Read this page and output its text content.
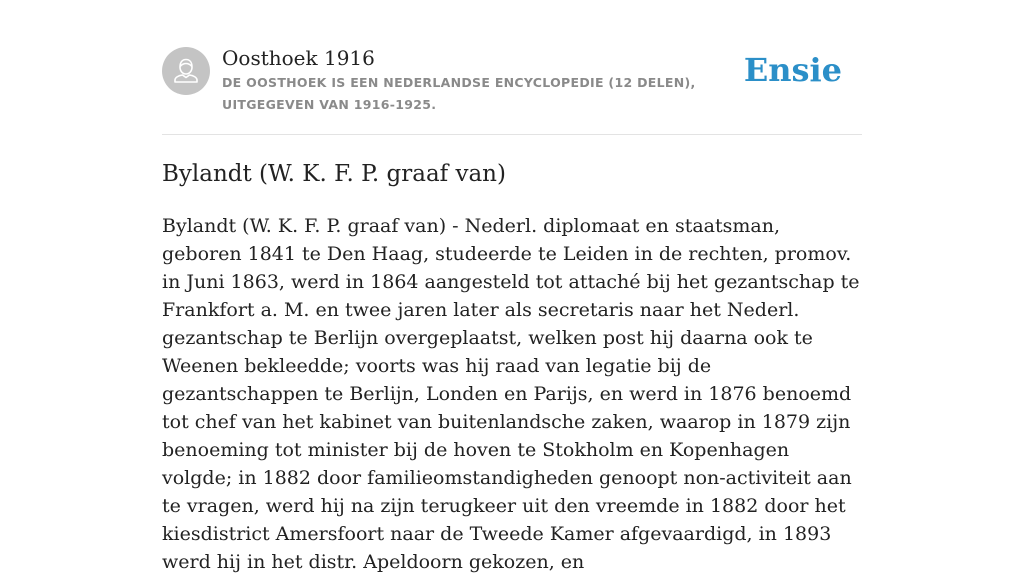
Oosthoek 1916
DE OOSTHOEK IS EEN NEDERLANDSE ENCYCLOPEDIE (12 DELEN), UITGEGEVEN VAN 1916-1925.
Ensie
Bylandt (W. K. F. P. graaf van)

Bylandt (W. K. F. P. graaf van) - Nederl. diplomaat en staatsman, geboren 1841 te Den Haag, studeerde te Leiden in de rechten, promov. in Juni 1863, werd in 1864 aangesteld tot attaché bij het gezantschap te Frankfort a. M. en twee jaren later als secretaris naar het Nederl. gezantschap te Berlijn overgeplaatst, welken post hij daarna ook te Weenen bekleedde; voorts was hij raad van legatie bij de gezantschappen te Berlijn, Londen en Parijs, en werd in 1876 benoemd tot chef van het kabinet van buitenlandsche zaken, waarop in 1879 zijn benoeming tot minister bij de hoven te Stokholm en Kopenhagen volgde; in 1882 door familieomstandigheden genoopt non-activiteit aan te vragen, werd hij na zijn terugkeer uit den vreemde in 1882 door het kiesdistrict Amersfoort naar de Tweede Kamer afgevaardigd, in 1893 werd hij in het distr. Apeldoorn gekozen, en
